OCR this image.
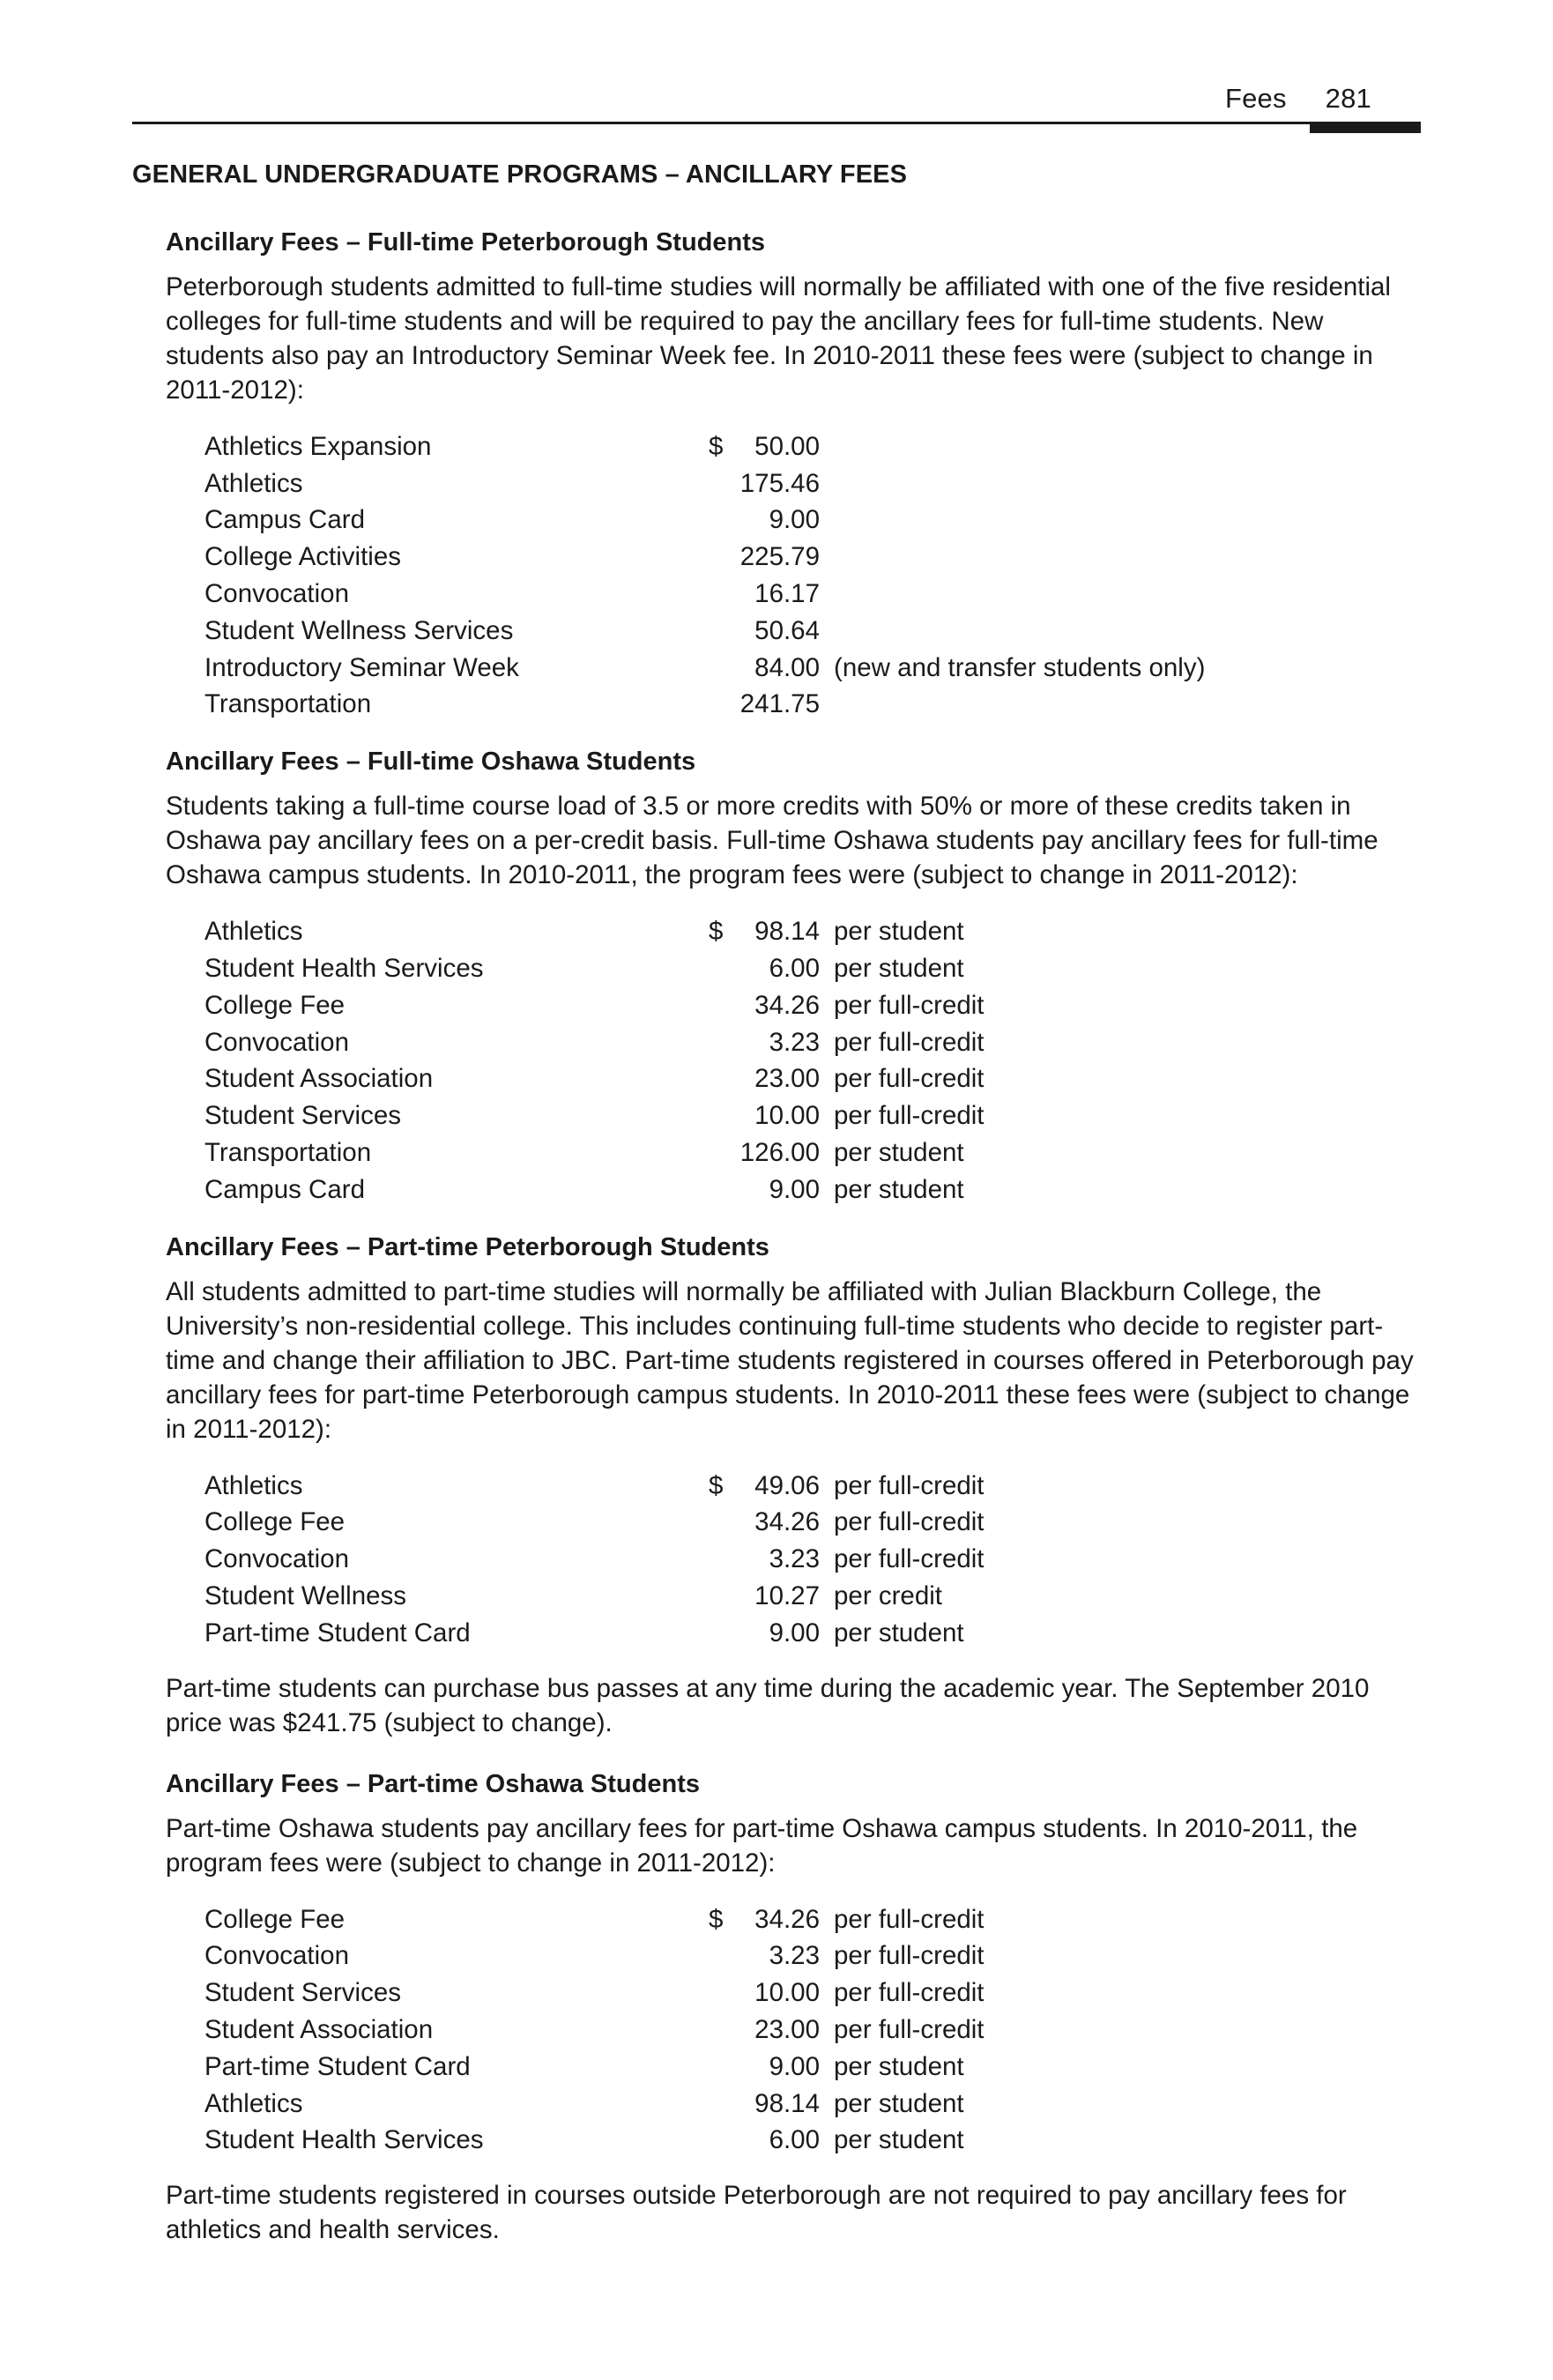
Fees 281
GENERAL UNDERGRADUATE PROGRAMS – ANCILLARY FEES
Ancillary Fees – Full-time Peterborough Students

Peterborough students admitted to full-time studies will normally be affiliated with one of the five residential colleges for full-time students and will be required to pay the ancillary fees for full-time students. New students also pay an Introductory Seminar Week fee. In 2010-2011 these fees were (subject to change in 2011-2012):

Athletics Expansion	$	50.00	
Athletics		175.46	
Campus Card		9.00	
College Activities		225.79	
Convocation		16.17	
Student Wellness Services		50.64	
Introductory Seminar Week		84.00	(new and transfer students only)
Transportation		241.75	
Ancillary Fees – Full-time Oshawa Students

Students taking a full-time course load of 3.5 or more credits with 50% or more of these credits taken in Oshawa pay ancillary fees on a per-credit basis. Full-time Oshawa students pay ancillary fees for full-time Oshawa campus students. In 2010-2011, the program fees were (subject to change in 2011-2012):

Athletics	$	98.14	per student
Student Health Services		6.00	per student
College Fee		34.26	per full-credit
Convocation		3.23	per full-credit
Student Association		23.00	per full-credit
Student Services		10.00	per full-credit
Transportation		126.00	per student
Campus Card		9.00	per student
Ancillary Fees – Part-time Peterborough Students

All students admitted to part-time studies will normally be affiliated with Julian Blackburn College, the University’s non-residential college. This includes continuing full-time students who decide to register part-time and change their affiliation to JBC. Part-time students registered in courses offered in Peterborough pay ancillary fees for part-time Peterborough campus students. In 2010-2011 these fees were (subject to change in 2011-2012):

Athletics	$	49.06	per full-credit
College Fee		34.26	per full-credit
Convocation		3.23	per full-credit
Student Wellness		10.27	per credit
Part-time Student Card		9.00	per student

Part-time students can purchase bus passes at any time during the academic year. The September 2010 price was $241.75 (subject to change).

Ancillary Fees – Part-time Oshawa Students

Part-time Oshawa students pay ancillary fees for part-time Oshawa campus students. In 2010-2011, the program fees were (subject to change in 2011-2012):

College Fee	$	34.26	per full-credit
Convocation		3.23	per full-credit
Student Services		10.00	per full-credit
Student Association		23.00	per full-credit
Part-time Student Card		9.00	per student
Athletics		98.14	per student
Student Health Services		6.00	per student

Part-time students registered in courses outside Peterborough are not required to pay ancillary fees for athletics and health services.
